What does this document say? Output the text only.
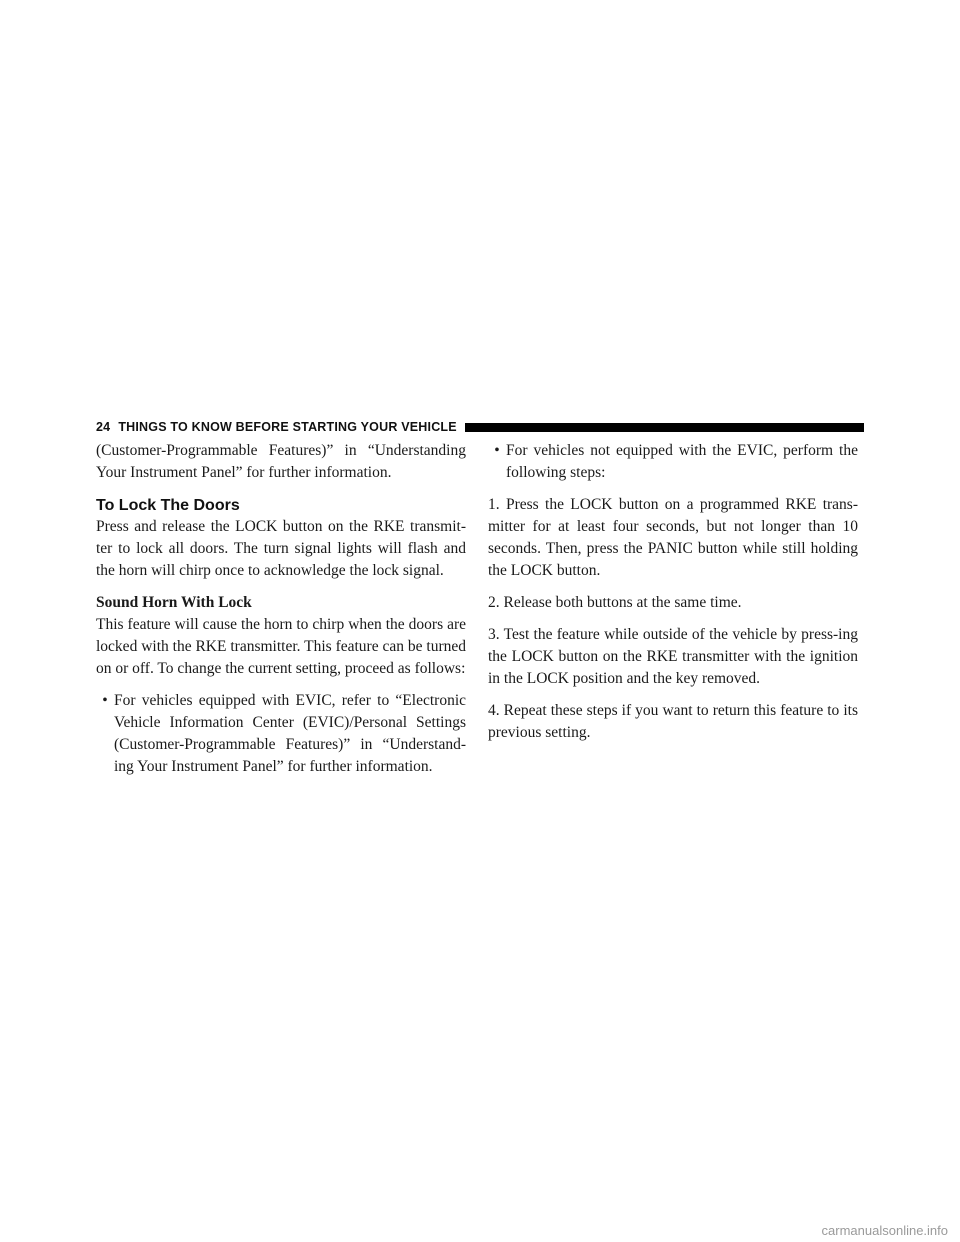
24 THINGS TO KNOW BEFORE STARTING YOUR VEHICLE

(Customer-Programmable Features)” in “Understanding Your Instrument Panel” for further information.

To Lock The Doors

Press and release the LOCK button on the RKE transmit-ter to lock all doors. The turn signal lights will flash and the horn will chirp once to acknowledge the lock signal.

Sound Horn With Lock

This feature will cause the horn to chirp when the doors are locked with the RKE transmitter. This feature can be turned on or off. To change the current setting, proceed as follows:

• For vehicles equipped with EVIC, refer to “Electronic Vehicle Information Center (EVIC)/Personal Settings (Customer-Programmable Features)” in “Understand-ing Your Instrument Panel” for further information.
• For vehicles not equipped with the EVIC, perform the following steps:

1. Press the LOCK button on a programmed RKE trans-mitter for at least four seconds, but not longer than 10 seconds. Then, press the PANIC button while still holding the LOCK button.

2. Release both buttons at the same time.

3. Test the feature while outside of the vehicle by press-ing the LOCK button on the RKE transmitter with the ignition in the LOCK position and the key removed.

4. Repeat these steps if you want to return this feature to its previous setting.

carmanualsonline.info
